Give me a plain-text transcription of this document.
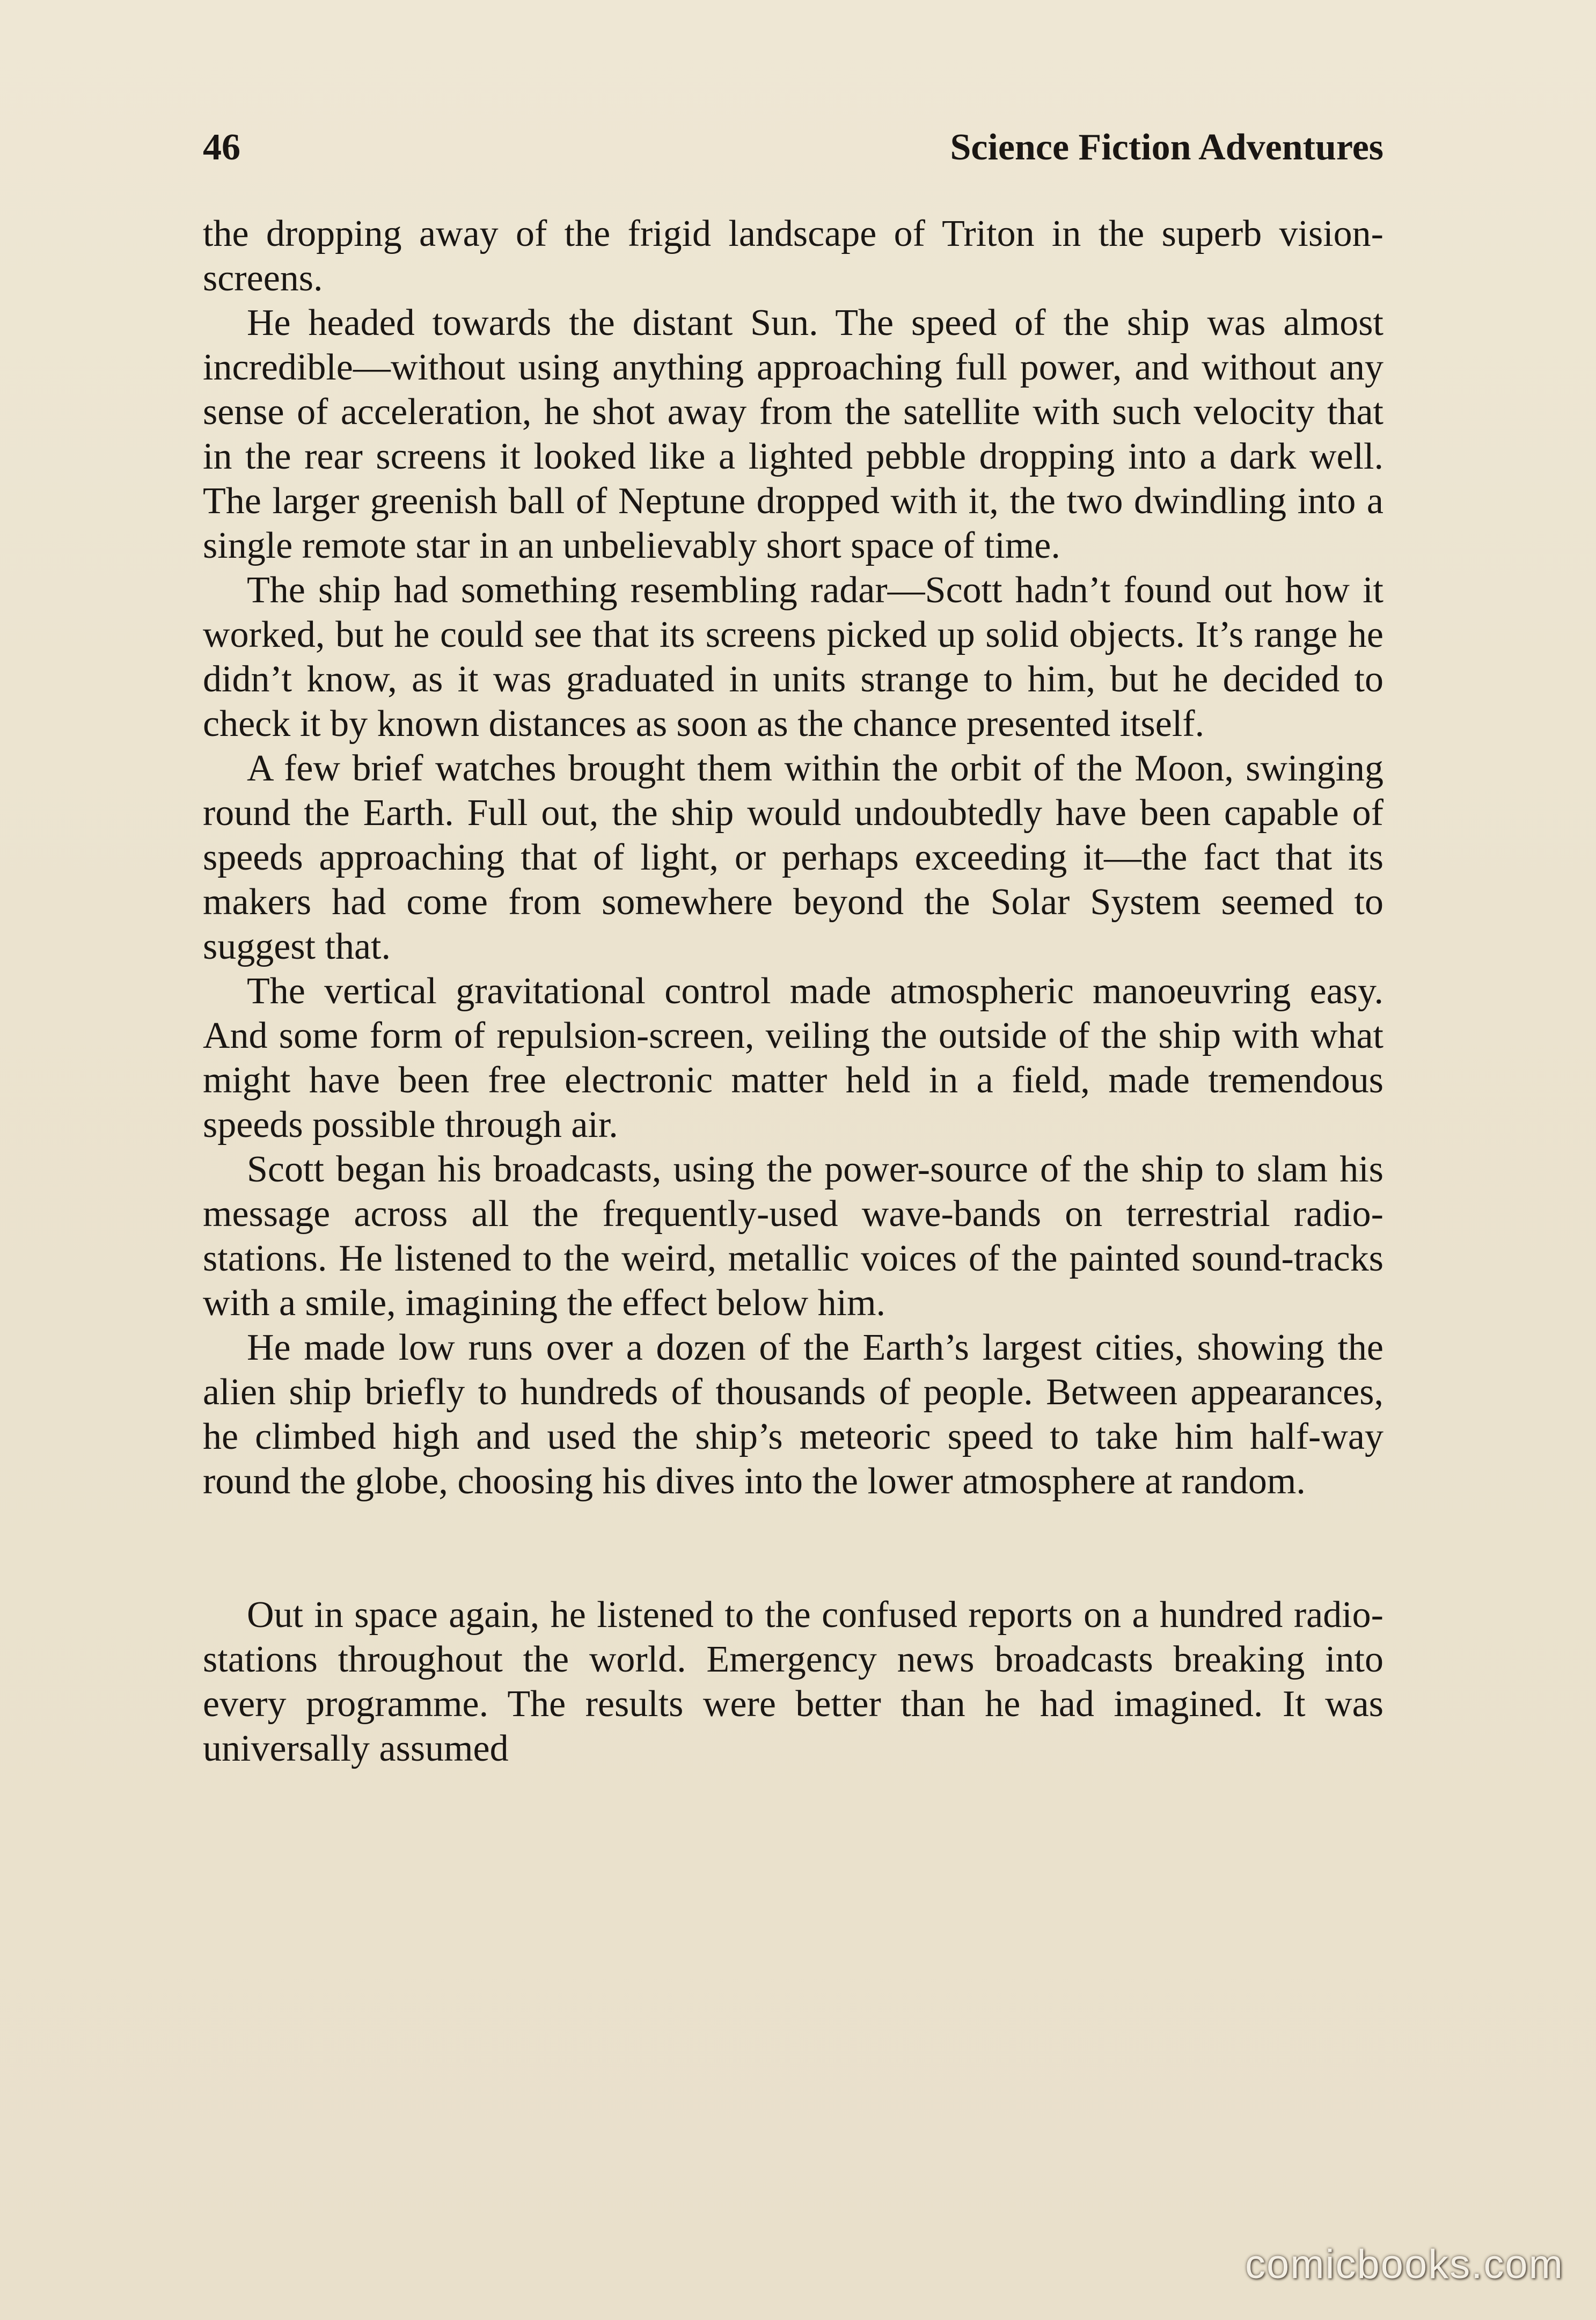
46	Science Fiction Adventures

the dropping away of the frigid landscape of Triton in the superb vision-screens.

He headed towards the distant Sun. The speed of the ship was almost incredible—without using anything approaching full power, and without any sense of acceleration, he shot away from the satellite with such velocity that in the rear screens it looked like a lighted pebble dropping into a dark well. The larger greenish ball of Neptune dropped with it, the two dwindling into a single remote star in an unbelievably short space of time.

The ship had something resembling radar—Scott hadn’t found out how it worked, but he could see that its screens picked up solid objects. It’s range he didn’t know, as it was graduated in units strange to him, but he decided to check it by known distances as soon as the chance presented itself.

A few brief watches brought them within the orbit of the Moon, swinging round the Earth. Full out, the ship would undoubtedly have been capable of speeds approaching that of light, or perhaps exceeding it—the fact that its makers had come from somewhere beyond the Solar System seemed to suggest that.

The vertical gravitational control made atmospheric manoeuvring easy. And some form of repulsion-screen, veiling the outside of the ship with what might have been free electronic matter held in a field, made tremendous speeds possible through air.

Scott began his broadcasts, using the power-source of the ship to slam his message across all the frequently-used wave-bands on terrestrial radio-stations. He listened to the weird, metallic voices of the painted sound-tracks with a smile, imagining the effect below him.

He made low runs over a dozen of the Earth’s largest cities, showing the alien ship briefly to hundreds of thousands of people. Between appearances, he climbed high and used the ship’s meteoric speed to take him half-way round the globe, choosing his dives into the lower atmosphere at random.

Out in space again, he listened to the confused reports on a hundred radio-stations throughout the world. Emergency news broadcasts breaking into every programme. The results were better than he had imagined. It was universally assumed

comicbooks.com
